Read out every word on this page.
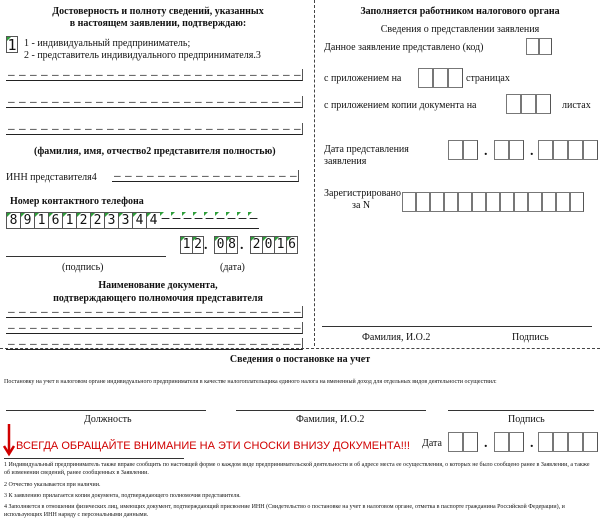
Достоверность и полноту сведений, указанных
в настоящем заявлении, подтверждаю:
1 1 - индивидуальный предприниматель;
2 - представитель индивидуального предпринимателя.3
–
–
–
–
–
–
–
–
–
–
–
–
–
–
–
–
–
–
–
–
–
–
–
–
–
–
–
–
–
–
–
–
–
–
–
–
–
–
–
–
–
–
–
–
–
–
–
–
–
–
–
–
–
–
–
–
–
–
–
–
–
–
–
–
–
–
–
–
–
–
–
–
–
–
–
–
–
–
–
–
–
(фамилия, имя, отчество2 представителя полностью)
ИНН представителя4
–
–
–
–
–
–
–
–
–
–
–
–
–
–
–
–
–
Номер контактного телефона
8 9 1 6 1 2 2 3 3 4 4 – – – – – – – – –
1 2 . 0 8 . 2 0 1 6
(подпись)	(дата)
Наименование документа,
подтверждающего полномочия представителя
–
–
–
–
–
–
–
–
–
–
–
–
–
–
–
–
–
–
–
–
–
–
–
–
–
–
–
–
–
–
–
–
–
–
–
–
–
–
–
–
–
–
–
–
–
–
–
–
–
–
–
–
–
–
–
–
–
–
–
–
–
–
–
–
–
–
–
–
–
–
–
–
–
–
–
–
–
–
–
–
–
Заполняется работником налогового органа
Сведения о представлении заявления
Данное заявление представлено (код)
с приложением на	страницах
с приложением копии документа на	листах
Дата представления
заявления
.	.
Зарегистрировано
за N
Фамилия, И.О.2	Подпись
Сведения о постановке на учет
Постановку на учет в налоговом органе индивидуального предпринимателя в качестве налогоплательщика единого налога на вмененный доход для отдельных видов деятельности осуществил:
Должность	Фамилия, И.О.2	Подпись
ВСЕГДА ОБРАЩАЙТЕ ВНИМАНИЕ НА ЭТИ СНОСКИ ВНИЗУ ДОКУМЕНТА!!! Дата	.	.
1 Индивидуальный предприниматель также вправе сообщить по настоящей форме о каждом виде предпринимательской деятельности и об адресе места ее осуществления, о которых не было сообщено ранее в Заявлении, а также об изменении сведений, ранее сообщенных в Заявлении.
2 Отчество указывается при наличии.
3 К заявлению прилагается копия документа, подтверждающего полномочия представителя.
4 Заполняется в отношении физических лиц, имеющих документ, подтверждающий присвоение ИНН (Свидетельство о постановке на учет в налоговом органе, отметка в паспорте гражданина Российской Федерации), и использующих ИНН наряду с персональными данными.
